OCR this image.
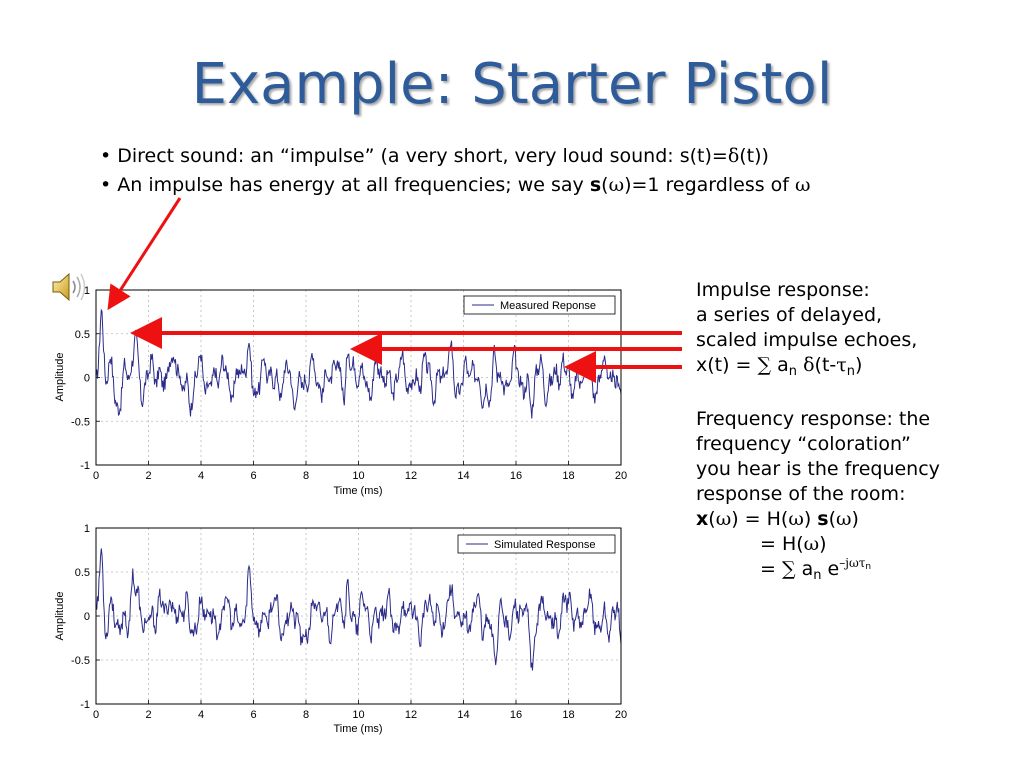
Example: Starter Pistol
• Direct sound: an “impulse” (a very short, very loud sound: s(t)=δ(t))
• An impulse has energy at all frequencies; we say s(ω)=1 regardless of ω
Impulse response:
a series of delayed,
scaled impulse echoes,
x(t) = ∑ $a_n$ $\delta(t-\tau_n)$
Frequency response: the
frequency “coloration”
you hear is the frequency
response of the room:
x(ω) = H(ω) s(ω)
= H(ω)
= ∑ $a_n$ $e^{-j\omega\tau_n}$
0	2	4	6	8	10	12	14	16	18	20
1
0.5
0
-0.5
-1
Measured Reponse
Time (ms)
Amplitude
0	2	4	6	8	10	12	14	16	18	20
1
0.5
0
-0.5
-1
Simulated Response
Time (ms)
Amplitude
